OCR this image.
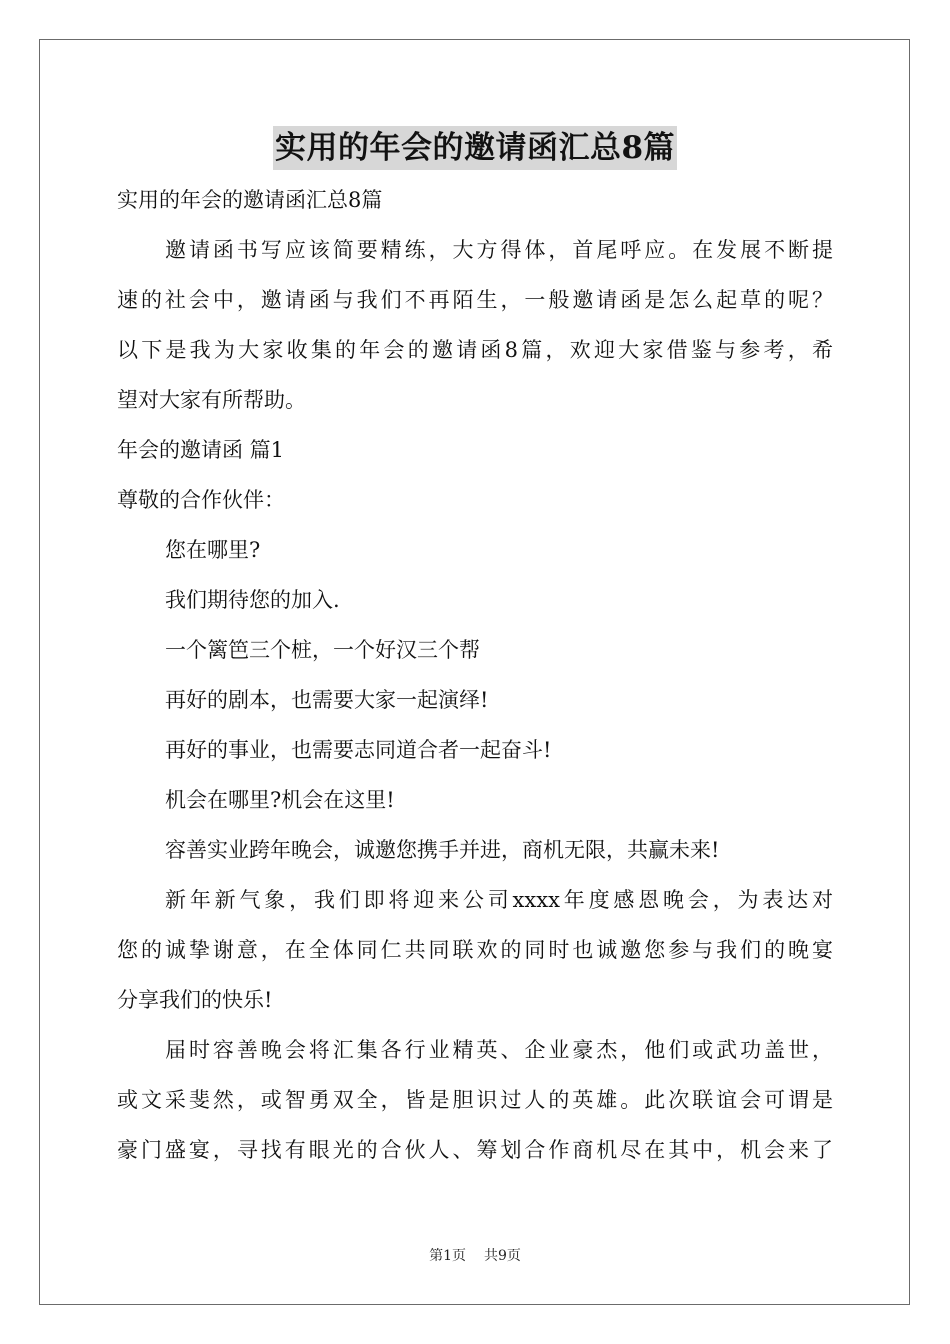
实用的年会的邀请函汇总8篇
实用的年会的邀请函汇总8篇
邀请函书写应该简要精练，大方得体，首尾呼应。在发展不断提
速的社会中，邀请函与我们不再陌生，一般邀请函是怎么起草的呢？
以下是我为大家收集的年会的邀请函8篇，欢迎大家借鉴与参考，希
望对大家有所帮助。
年会的邀请函 篇1
尊敬的合作伙伴：
您在哪里?
我们期待您的加入.
一个篱笆三个桩，一个好汉三个帮
再好的剧本，也需要大家一起演绎!
再好的事业，也需要志同道合者一起奋斗!
机会在哪里?机会在这里!
容善实业跨年晚会，诚邀您携手并进，商机无限，共赢未来!
新年新气象，我们即将迎来公司xxxx年度感恩晚会，为表达对
您的诚挚谢意，在全体同仁共同联欢的同时也诚邀您参与我们的晚宴
分享我们的快乐!
届时容善晚会将汇集各行业精英、企业豪杰，他们或武功盖世，
或文采斐然，或智勇双全，皆是胆识过人的英雄。此次联谊会可谓是
豪门盛宴，寻找有眼光的合伙人、筹划合作商机尽在其中，机会来了
第1页 共9页
